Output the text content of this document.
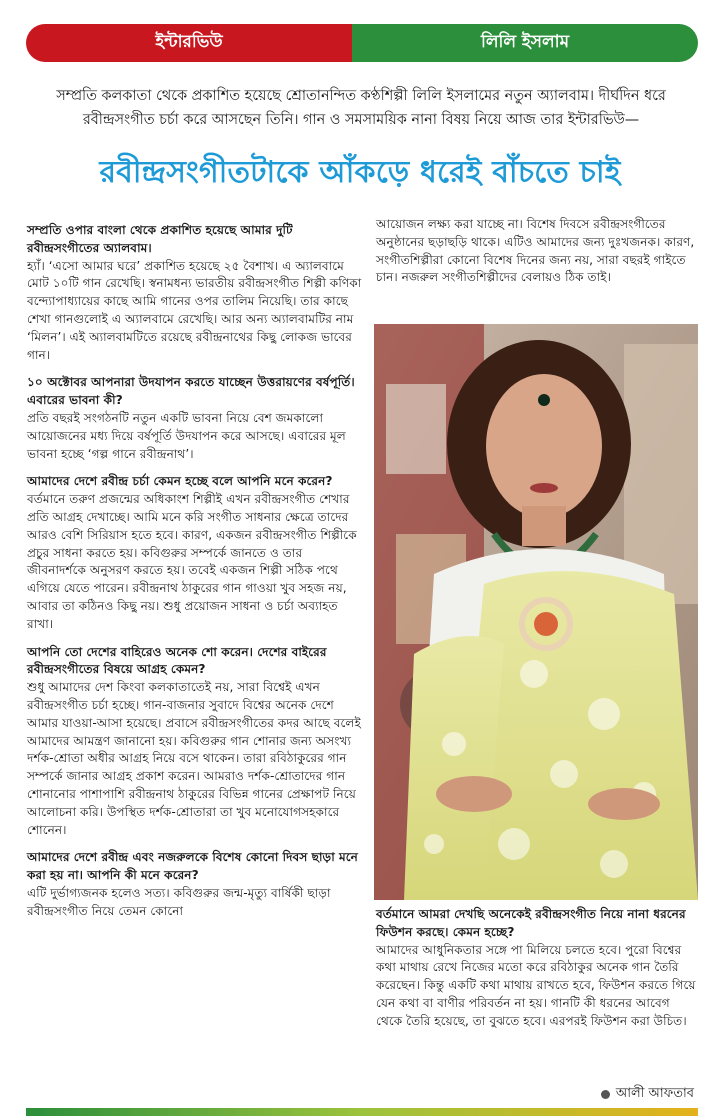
ইন্টারভিউ	লিলি ইসলাম

সম্প্রতি কলকাতা থেকে প্রকাশিত হয়েছে শ্রোতানন্দিত কণ্ঠশিল্পী লিলি ইসলামের নতুন অ্যালবাম। দীর্ঘদিন ধরে রবীন্দ্রসংগীত চর্চা করে আসছেন তিনি। গান ও সমসাময়িক নানা বিষয় নিয়ে আজ তার ইন্টারভিউ—

রবীন্দ্রসংগীতটাকে আঁকড়ে ধরেই বাঁচতে চাই

সম্প্রতি ওপার বাংলা থেকে প্রকাশিত হয়েছে আমার দুটি রবীন্দ্রসংগীতের অ্যালবাম।

হ্যাঁ। ‘এসো আমার ঘরে’ প্রকাশিত হয়েছে ২৫ বৈশাখ। এ অ্যালবামে মোট ১০টি গান রেখেছি। স্বনামধন্য ভারতীয় রবীন্দ্রসংগীত শিল্পী কণিকা বন্দ্যোপাধ্যায়ের কাছে আমি গানের ওপর তালিম নিয়েছি। তার কাছে শেখা গানগুলোই এ অ্যালবামে রেখেছি। আর অন্য অ্যালবামটির নাম ‘মিলন’। এই অ্যালবামটিতে রয়েছে রবীন্দ্রনাথের কিছু লোকজ ভাবের গান।

১০ অক্টোবর আপনারা উদযাপন করতে যাচ্ছেন উত্তরায়ণের বর্ষপূর্তি। এবারের ভাবনা কী?

প্রতি বছরই সংগঠনটি নতুন একটি ভাবনা নিয়ে বেশ জমকালো আয়োজনের মধ্য দিয়ে বর্ষপূর্তি উদযাপন করে আসছে। এবারের মূল ভাবনা হচ্ছে ‘গল্প গানে রবীন্দ্রনাথ’।

আমাদের দেশে রবীন্দ্র চর্চা কেমন হচ্ছে বলে আপনি মনে করেন?

বর্তমানে তরুণ প্রজন্মের অধিকাংশ শিল্পীই এখন রবীন্দ্রসংগীত শেখার প্রতি আগ্রহ দেখাচ্ছে। আমি মনে করি সংগীত সাধনার ক্ষেত্রে তাদের আরও বেশি সিরিয়াস হতে হবে। কারণ, একজন রবীন্দ্রসংগীত শিল্পীকে প্রচুর সাধনা করতে হয়। কবিগুরুর সম্পর্কে জানতে ও তার জীবনাদর্শকে অনুসরণ করতে হয়। তবেই একজন শিল্পী সঠিক পথে এগিয়ে যেতে পারেন। রবীন্দ্রনাথ ঠাকুরের গান গাওয়া খুব সহজ নয়, আবার তা কঠিনও কিছু নয়। শুধু প্রয়োজন সাধনা ও চর্চা অব্যাহত রাখা।

আপনি তো দেশের বাহিরেও অনেক শো করেন। দেশের বাইরের রবীন্দ্রসংগীতের বিষয়ে আগ্রহ কেমন?

শুধু আমাদের দেশ কিংবা কলকাতাতেই নয়, সারা বিশ্বেই এখন রবীন্দ্রসংগীত চর্চা হচ্ছে। গান-বাজনার সুবাদে বিশ্বের অনেক দেশে আমার যাওয়া-আসা হয়েছে। প্রবাসে রবীন্দ্রসংগীতের কদর আছে বলেই আমাদের আমন্ত্রণ জানানো হয়। কবিগুরুর গান শোনার জন্য অসংখ্য দর্শক-শ্রোতা অধীর আগ্রহ নিয়ে বসে থাকেন। তারা রবিঠাকুরের গান সম্পর্কে জানার আগ্রহ প্রকাশ করেন। আমরাও দর্শক-শ্রোতাদের গান শোনানোর পাশাপাশি রবীন্দ্রনাথ ঠাকুরের বিভিন্ন গানের প্রেক্ষাপট নিয়ে আলোচনা করি। উপস্থিত দর্শক-শ্রোতারা তা খুব মনোযোগসহকারে শোনেন।

আমাদের দেশে রবীন্দ্র এবং নজরুলকে বিশেষ কোনো দিবস ছাড়া মনে করা হয় না। আপনি কী মনে করেন?

এটি দুর্ভাগ্যজনক হলেও সত্য। কবিগুরুর জন্ম-মৃত্যু বার্ষিকী ছাড়া রবীন্দ্রসংগীত নিয়ে তেমন কোনো

আয়োজন লক্ষ্য করা যাচ্ছে না। বিশেষ দিবসে রবীন্দ্রসংগীতের অনুষ্ঠানের ছড়াছড়ি থাকে। এটিও আমাদের জন্য দুঃখজনক। কারণ, সংগীতশিল্পীরা কোনো বিশেষ দিনের জন্য নয়, সারা বছরই গাইতে চান। নজরুল সংগীতশিল্পীদের বেলায়ও ঠিক তাই।

বর্তমানে আমরা দেখছি অনেকেই রবীন্দ্রসংগীত নিয়ে নানা ধরনের ফিউশন করছে। কেমন হচ্ছে?

আমাদের আধুনিকতার সঙ্গে পা মিলিয়ে চলতে হবে। পুরো বিশ্বের কথা মাথায় রেখে নিজের মতো করে রবিঠাকুর অনেক গান তৈরি করেছেন। কিন্তু একটি কথা মাথায় রাখতে হবে, ফিউশন করতে গিয়ে যেন কথা বা বাণীর পরিবর্তন না হয়। গানটি কী ধরনের আবেগ থেকে তৈরি হয়েছে, তা বুঝতে হবে। এরপরই ফিউশন করা উচিত।

আলী আফতাব
